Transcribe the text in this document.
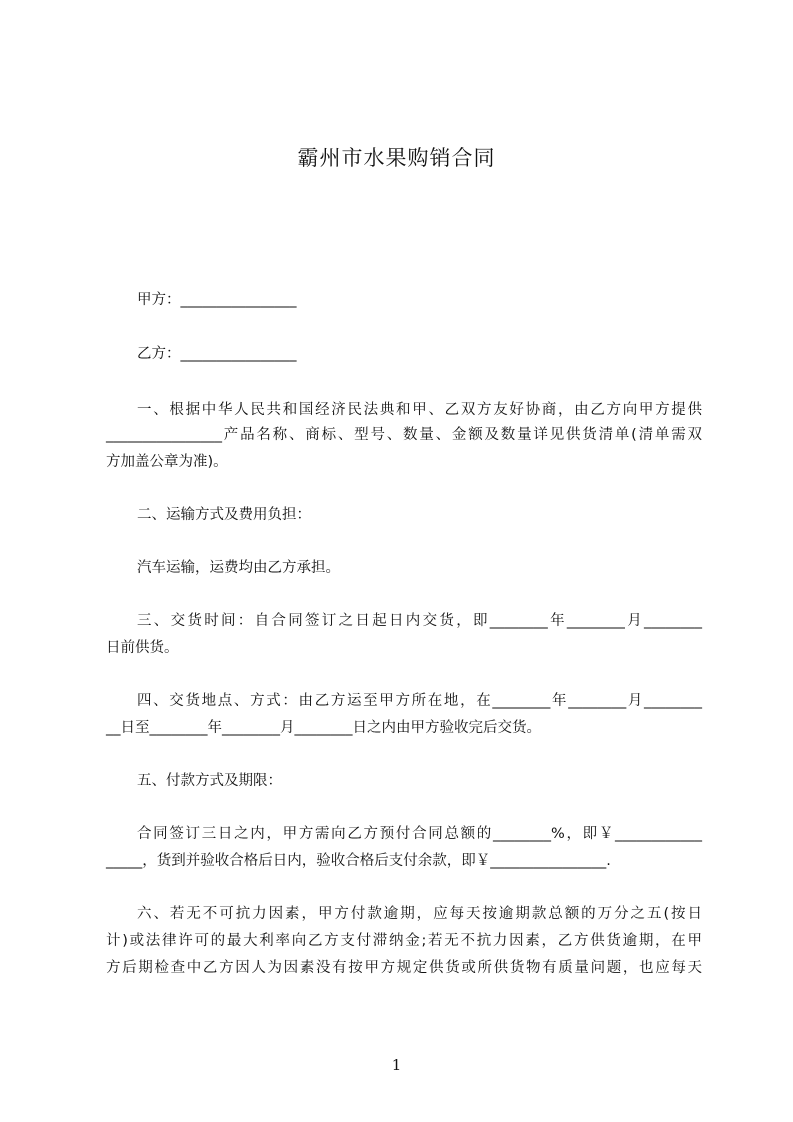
霸州市水果购销合同
甲方：________________
乙方：________________
一、根据中华人民共和国经济民法典和甲、乙双方友好协商，由乙方向甲方提供
________________产品名称、商标、型号、数量、金额及数量详见供货清单(清单需双
方加盖公章为准)。
二、运输方式及费用负担：
汽车运输，运费均由乙方承担。
三、交货时间：自合同签订之日起日内交货，即________年________月________
日前供货。
四、交货地点、方式：由乙方运至甲方所在地，在________年________月________
__日至________年________月________日之内由甲方验收完后交货。
五、付款方式及期限：
合同签订三日之内，甲方需向乙方预付合同总额的________%，即￥____________
_____，货到并验收合格后日内，验收合格后支付余款，即￥________________.
六、若无不可抗力因素，甲方付款逾期，应每天按逾期款总额的万分之五(按日
计)或法律许可的最大利率向乙方支付滞纳金;若无不抗力因素，乙方供货逾期，在甲
方后期检查中乙方因人为因素没有按甲方规定供货或所供货物有质量问题，也应每天
1
